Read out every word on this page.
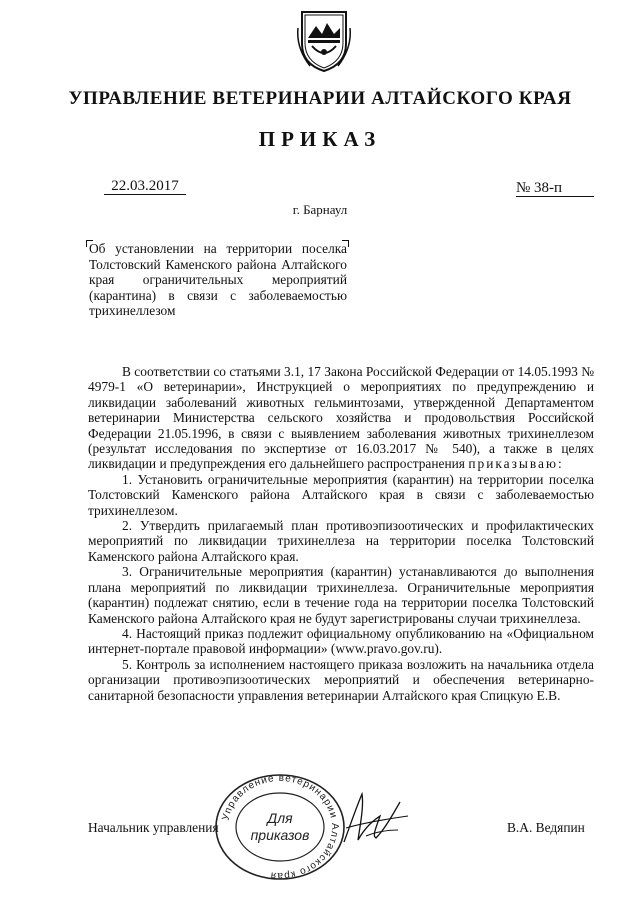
УПРАВЛЕНИЕ ВЕТЕРИНАРИИ АЛТАЙСКОГО КРАЯ
ПРИКАЗ
22.03.2017	№ 38-п
г. Барнаул
Об установлении на территории поселка Толстовский Каменского района Алтайского края ограничительных мероприятий (карантина) в связи с заболеваемостью трихинеллезом

В соответствии со статьями 3.1, 17 Закона Российской Федерации от 14.05.1993 № 4979-1 «О ветеринарии», Инструкцией о мероприятиях по предупреждению и ликвидации заболеваний животных гельминтозами, утвержденной Департаментом ветеринарии Министерства сельского хозяйства и продовольствия Российской Федерации 21.05.1996, в связи с выявлением заболевания животных трихинеллезом (результат исследования по экспертизе от 16.03.2017 № 540), а также в целях ликвидации и предупреждения его дальнейшего распространения приказываю:

1. Установить ограничительные мероприятия (карантин) на территории поселка Толстовский Каменского района Алтайского края в связи с заболеваемостью трихинеллезом.

2. Утвердить прилагаемый план противоэпизоотических и профилактических мероприятий по ликвидации трихинеллеза на территории поселка Толстовский Каменского района Алтайского края.

3. Ограничительные мероприятия (карантин) устанавливаются до выполнения плана мероприятий по ликвидации трихинеллеза. Ограничительные мероприятия (карантин) подлежат снятию, если в течение года на территории поселка Толстовский Каменского района Алтайского края не будут зарегистрированы случаи трихинеллеза.

4. Настоящий приказ подлежит официальному опубликованию на «Официальном интернет-портале правовой информации» (www.pravo.gov.ru).

5. Контроль за исполнением настоящего приказа возложить на начальника отдела организации противоэпизоотических мероприятий и обеспечения ветеринарно-санитарной безопасности управления ветеринарии Алтайского края Спицкую Е.В.

Управление ветеринарии Алтайского края
Для
приказов
Начальник управления	В.А. Ведяпин
